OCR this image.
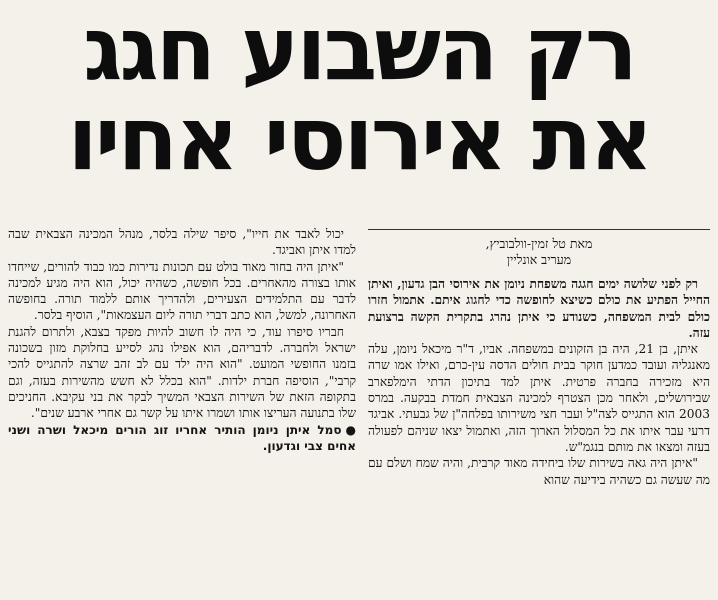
רק השבוע חגג
את אירוסי אחיו
מאת טל זמין-וולבוביץ,
מעריב אונליין

רק לפני שלושה ימים חגגה משפחת ניומן את אירוסי הבן גדעון, ואיתן החייל הפתיע את כולם כשיצא לחופשה כדי לחגוג איתם. אתמול חזרו כולם לבית המשפחה, כשנודע כי איתן נהרג בתקרית הקשה ברצועת עזה.

איתן, בן 21, היה בן הזקונים במשפחה. אביו, ד"ר מיכאל ניומן, עלה מאנגליה ועובד כמדען חוקר בבית חולים הדסה עין-כרם, ואילו אמו שרה היא מזכירה בחברה פרטית. איתן למד בתיכון הדתי הימלפארב שבירושלים, ולאחר מכן הצטרף למכינה הצבאית חמדת בבקעה. במרס 2003 הוא התגייס לצה"ל ועבר חצי משירותו בפלחה"ן של גבעתי. אביגד דרעי עבר איתו את כל המסלול הארוך הזה, ואתמול יצאו שניהם לפעולה בעזה ומצאו את מותם בנגמ"ש.

"איתן היה גאה בשירות שלו ביחידה מאוד קרבית, והיה שמח ושלם עם מה שעשה גם כשהיה בידיעה שהוא

יכול לאבד את חייו", סיפר שילה בלסר, מנהל המכינה הצבאית שבה למדו איתן ואביגד.

"איתן היה בחור מאוד בולט עם תכונות נדירות כמו כבוד להורים, שייחדו אותו בצורה מהאחרים. בכל חופשה, כשהיה יכול, הוא היה מגיע למכינה לדבר עם התלמידים הצעירים, ולהדריך אותם ללמוד תורה. בחופשה האחרונה, למשל, הוא כתב דברי תורה ליום העצמאות", הוסיף בלסר.

חבריו סיפרו עוד, כי היה לו חשוב להיות מפקד בצבא, ולתרום להגנת ישראל ולחברה. לדבריהם, הוא אפילו נהג לסייע בחלוקת מזון בשכונה בזמנו החופשי המועט. "הוא היה ילד עם לב זהב שרצה להתגייס להכי קרבי", הוסיפה חברת ילדות. "הוא בכלל לא חשש מהשירות בעזה, וגם בתקופה הזאת של השירות הצבאי המשיך לבקר את בני עקיבא. החניכים שלו בתנועה העריצו אותו ושמרו איתו על קשר גם אחרי ארבע שנים".

●סמל איתן ניומן הותיר אחריו זוג הורים מיכאל ושרה ושני אחים צבי וגדעון.
